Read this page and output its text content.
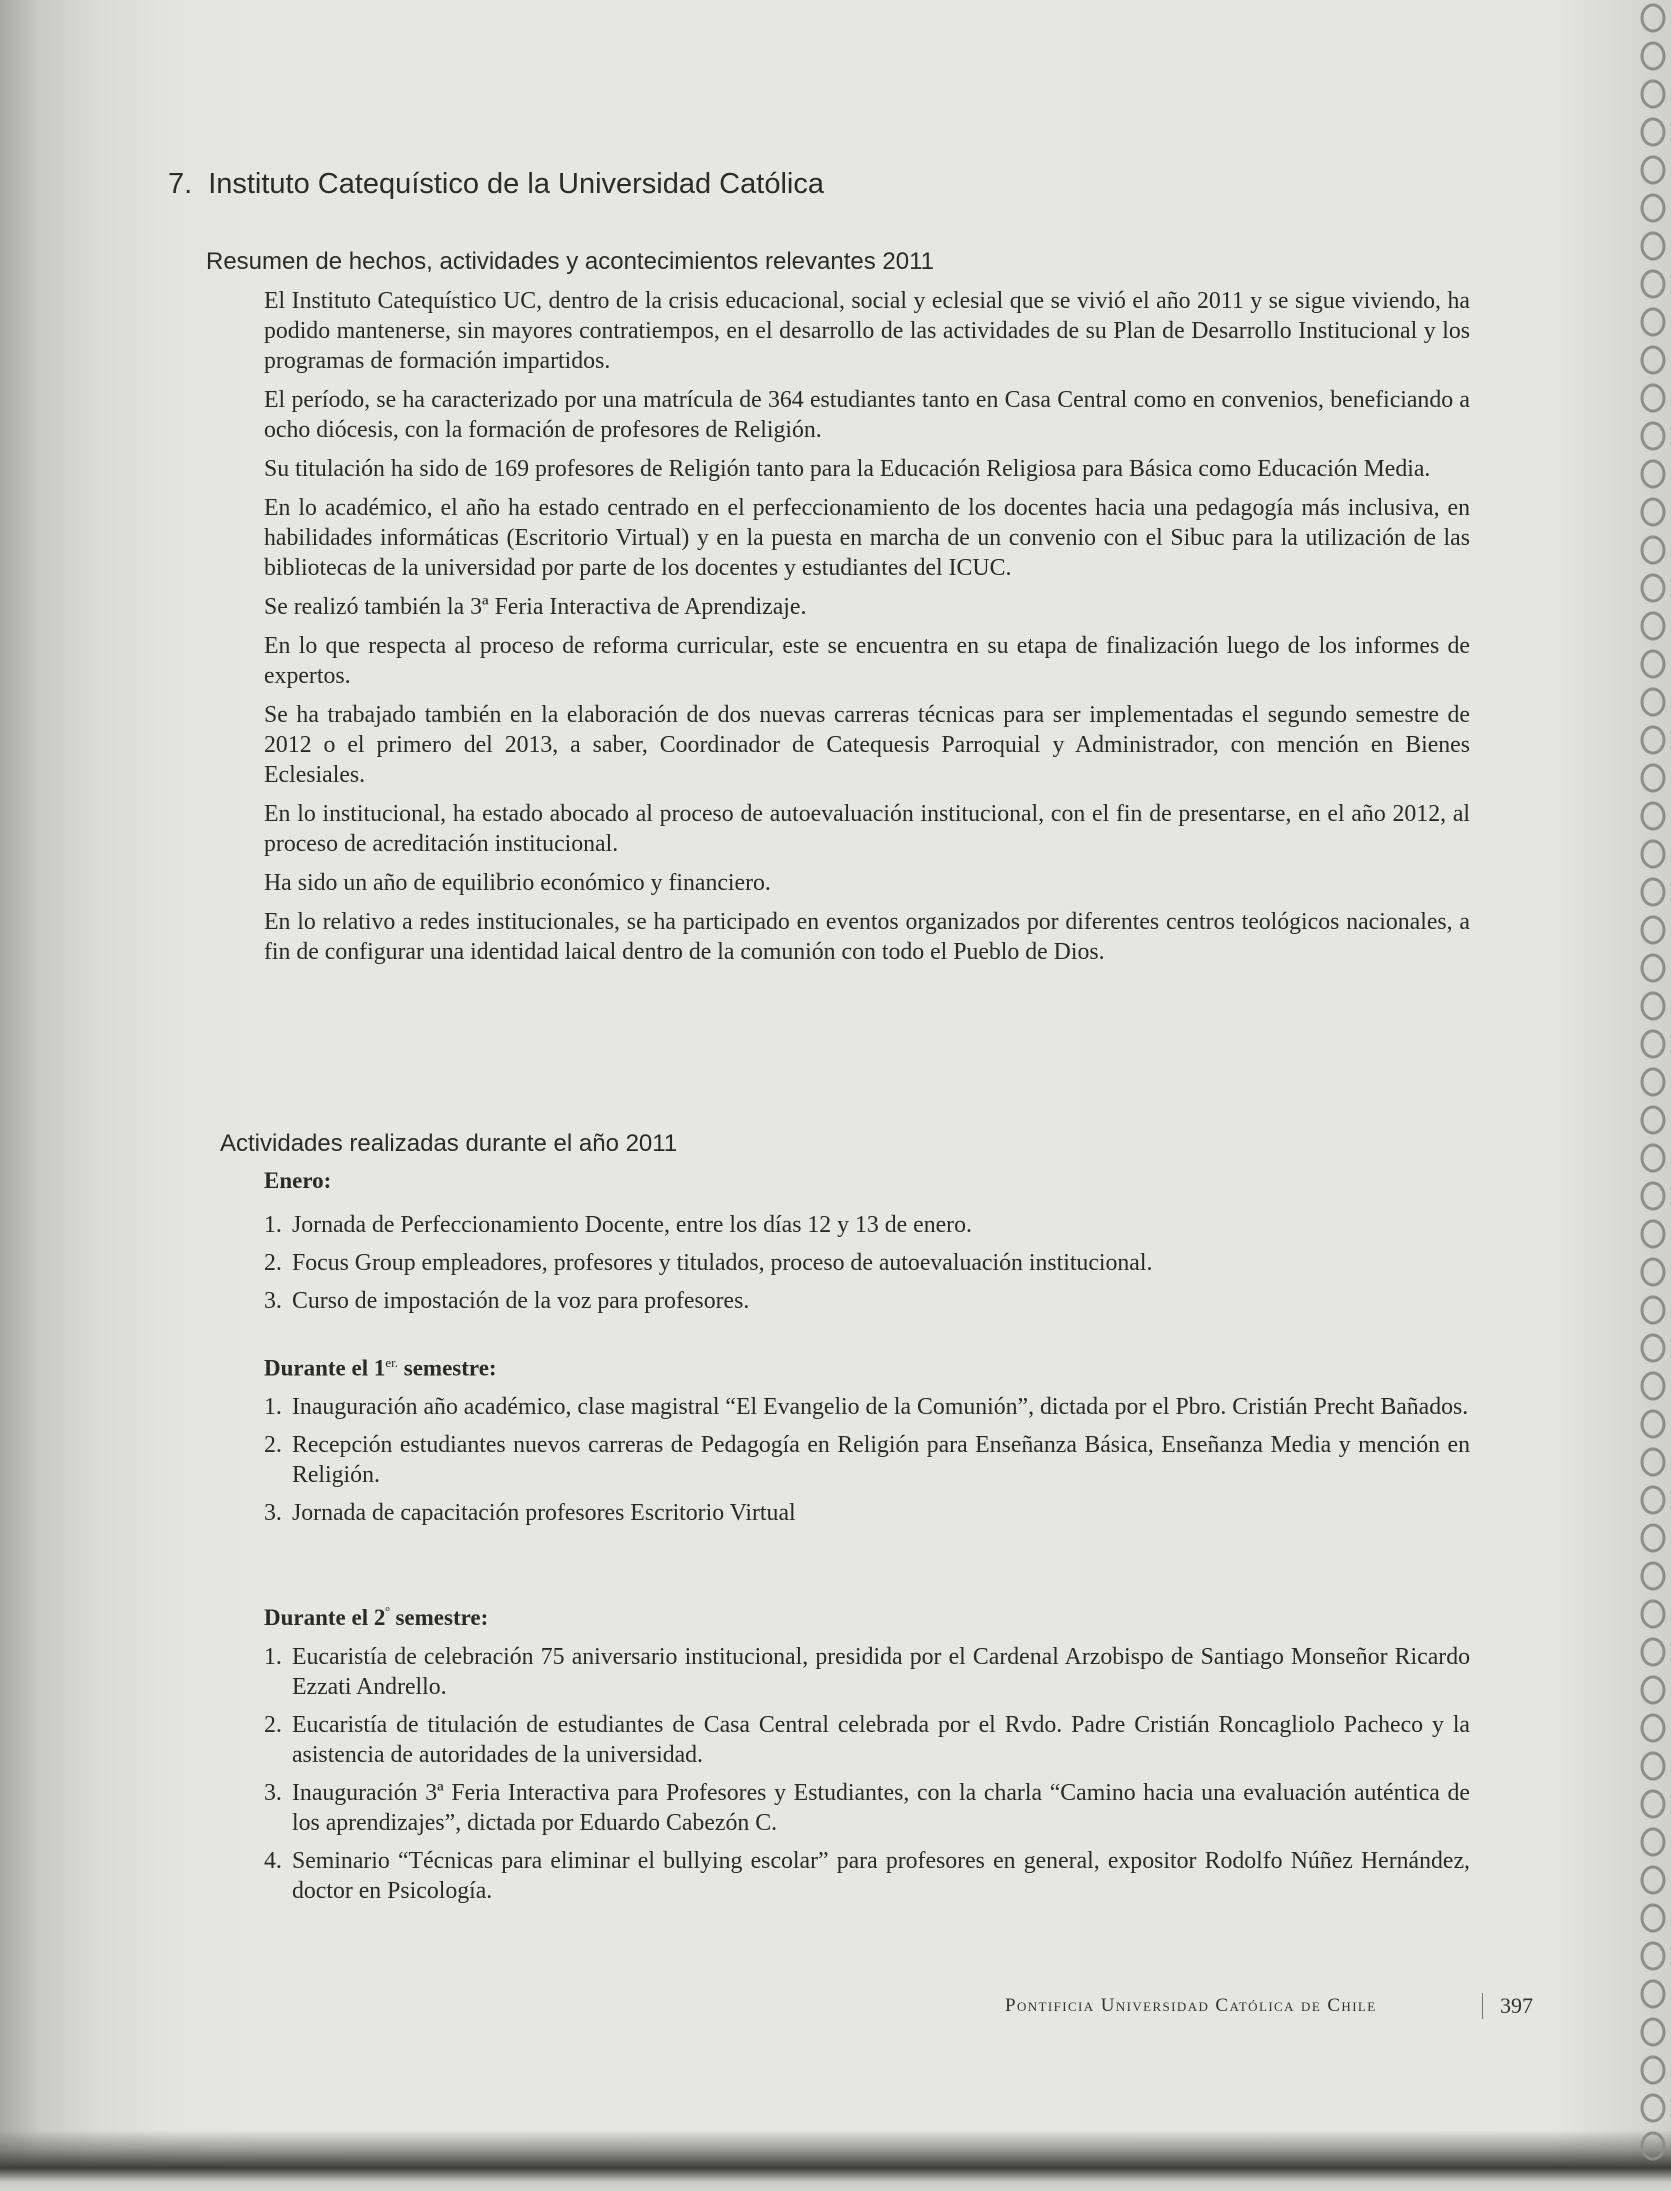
7. Instituto Catequístico de la Universidad Católica
Resumen de hechos, actividades y acontecimientos relevantes 2011

El Instituto Catequístico UC, dentro de la crisis educacional, social y eclesial que se vivió el año 2011 y se sigue viviendo, ha podido mantenerse, sin mayores contratiempos, en el desarrollo de las actividades de su Plan de Desarrollo Institucional y los programas de formación impartidos.

El período, se ha caracterizado por una matrícula de 364 estudiantes tanto en Casa Central como en convenios, beneficiando a ocho diócesis, con la formación de profesores de Religión.

Su titulación ha sido de 169 profesores de Religión tanto para la Educación Religiosa para Básica como Educación Media.

En lo académico, el año ha estado centrado en el perfeccionamiento de los docentes hacia una pedagogía más inclusiva, en habilidades informáticas (Escritorio Virtual) y en la puesta en marcha de un convenio con el Sibuc para la utilización de las bibliotecas de la universidad por parte de los docentes y estudiantes del ICUC.

Se realizó también la 3ª Feria Interactiva de Aprendizaje.

En lo que respecta al proceso de reforma curricular, este se encuentra en su etapa de finalización luego de los informes de expertos.

Se ha trabajado también en la elaboración de dos nuevas carreras técnicas para ser implementadas el segundo semestre de 2012 o el primero del 2013, a saber, Coordinador de Catequesis Parroquial y Administrador, con mención en Bienes Eclesiales.

En lo institucional, ha estado abocado al proceso de autoevaluación institucional, con el fin de presentarse, en el año 2012, al proceso de acreditación institucional.

Ha sido un año de equilibrio económico y financiero.

En lo relativo a redes institucionales, se ha participado en eventos organizados por diferentes centros teológicos nacionales, a fin de configurar una identidad laical dentro de la comunión con todo el Pueblo de Dios.

Actividades realizadas durante el año 2011
Enero:
1. Jornada de Perfeccionamiento Docente, entre los días 12 y 13 de enero.
2. Focus Group empleadores, profesores y titulados, proceso de autoevaluación institucional.
3. Curso de impostación de la voz para profesores.
Durante el $1^{er.}$ semestre:
1. Inauguración año académico, clase magistral “El Evangelio de la Comunión”, dictada por el Pbro. Cristián Precht Bañados.
2. Recepción estudiantes nuevos carreras de Pedagogía en Religión para Enseñanza Básica, Enseñanza Media y mención en Religión.
3. Jornada de capacitación profesores Escritorio Virtual
Durante el $2^º$ semestre:
1. Eucaristía de celebración 75 aniversario institucional, presidida por el Cardenal Arzobispo de Santiago Monseñor Ricardo Ezzati Andrello.
2. Eucaristía de titulación de estudiantes de Casa Central celebrada por el Rvdo. Padre Cristián Roncagliolo Pacheco y la asistencia de autoridades de la universidad.
3. Inauguración 3ª Feria Interactiva para Profesores y Estudiantes, con la charla “Camino hacia una evaluación auténtica de los aprendizajes”, dictada por Eduardo Cabezón C.
4. Seminario “Técnicas para eliminar el bullying escolar” para profesores en general, expositor Rodolfo Núñez Hernández, doctor en Psicología.
Pontificia Universidad Católica de Chile	397
